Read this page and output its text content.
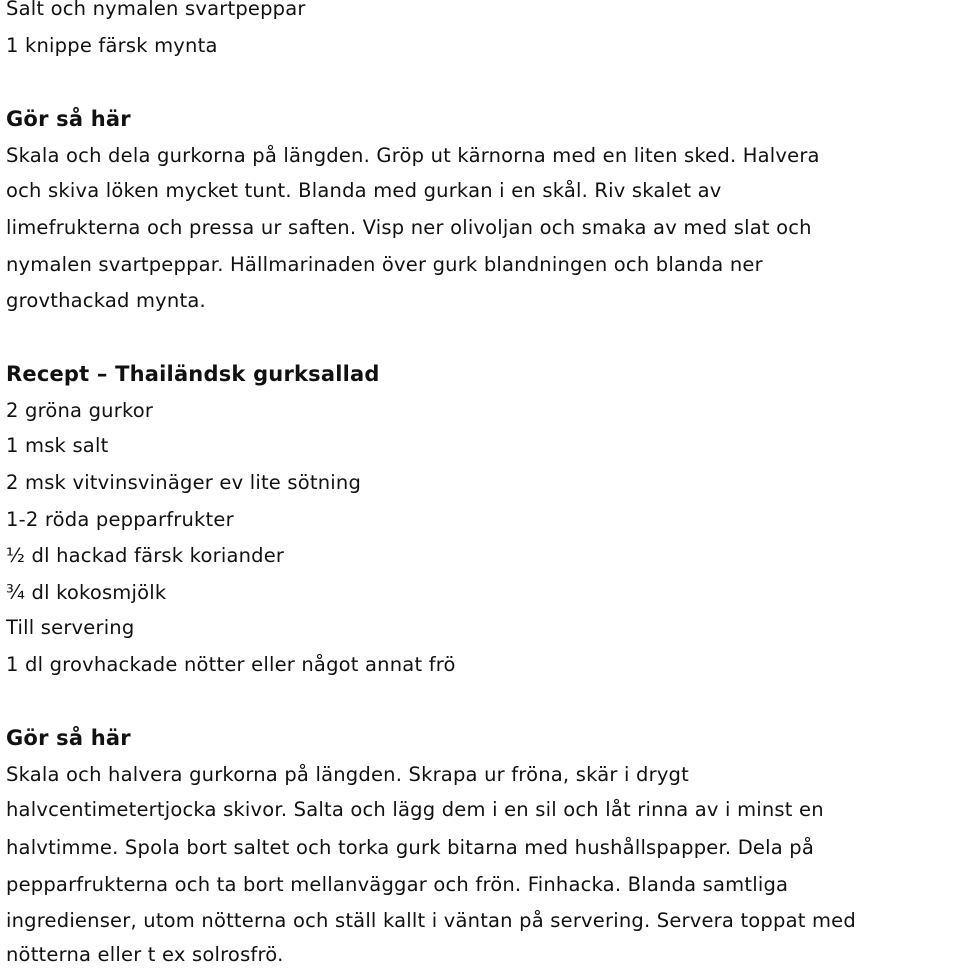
Salt och nymalen svartpeppar
1 knippe färsk mynta
Gör så här
Skala och dela gurkorna på längden. Gröp ut kärnorna med en liten sked. Halvera
och skiva löken mycket tunt. Blanda med gurkan i en skål. Riv skalet av
limefrukterna och pressa ur saften. Visp ner olivoljan och smaka av med slat och
nymalen svartpeppar. Hällmarinaden över gurk blandningen och blanda ner
grovthackad mynta.
Recept – Thailändsk gurksallad
2 gröna gurkor
1 msk salt
2 msk vitvinsvinäger ev lite sötning
1-2 röda pepparfrukter
½ dl hackad färsk koriander
¾ dl kokosmjölk
Till servering
1 dl grovhackade nötter eller något annat frö
Gör så här
Skala och halvera gurkorna på längden. Skrapa ur fröna, skär i drygt
halvcentimetertjocka skivor. Salta och lägg dem i en sil och låt rinna av i minst en
halvtimme. Spola bort saltet och torka gurk bitarna med hushållspapper. Dela på
pepparfrukterna och ta bort mellanväggar och frön. Finhacka. Blanda samtliga
ingredienser, utom nötterna och ställ kallt i väntan på servering. Servera toppat med
nötterna eller t ex solrosfrö.
